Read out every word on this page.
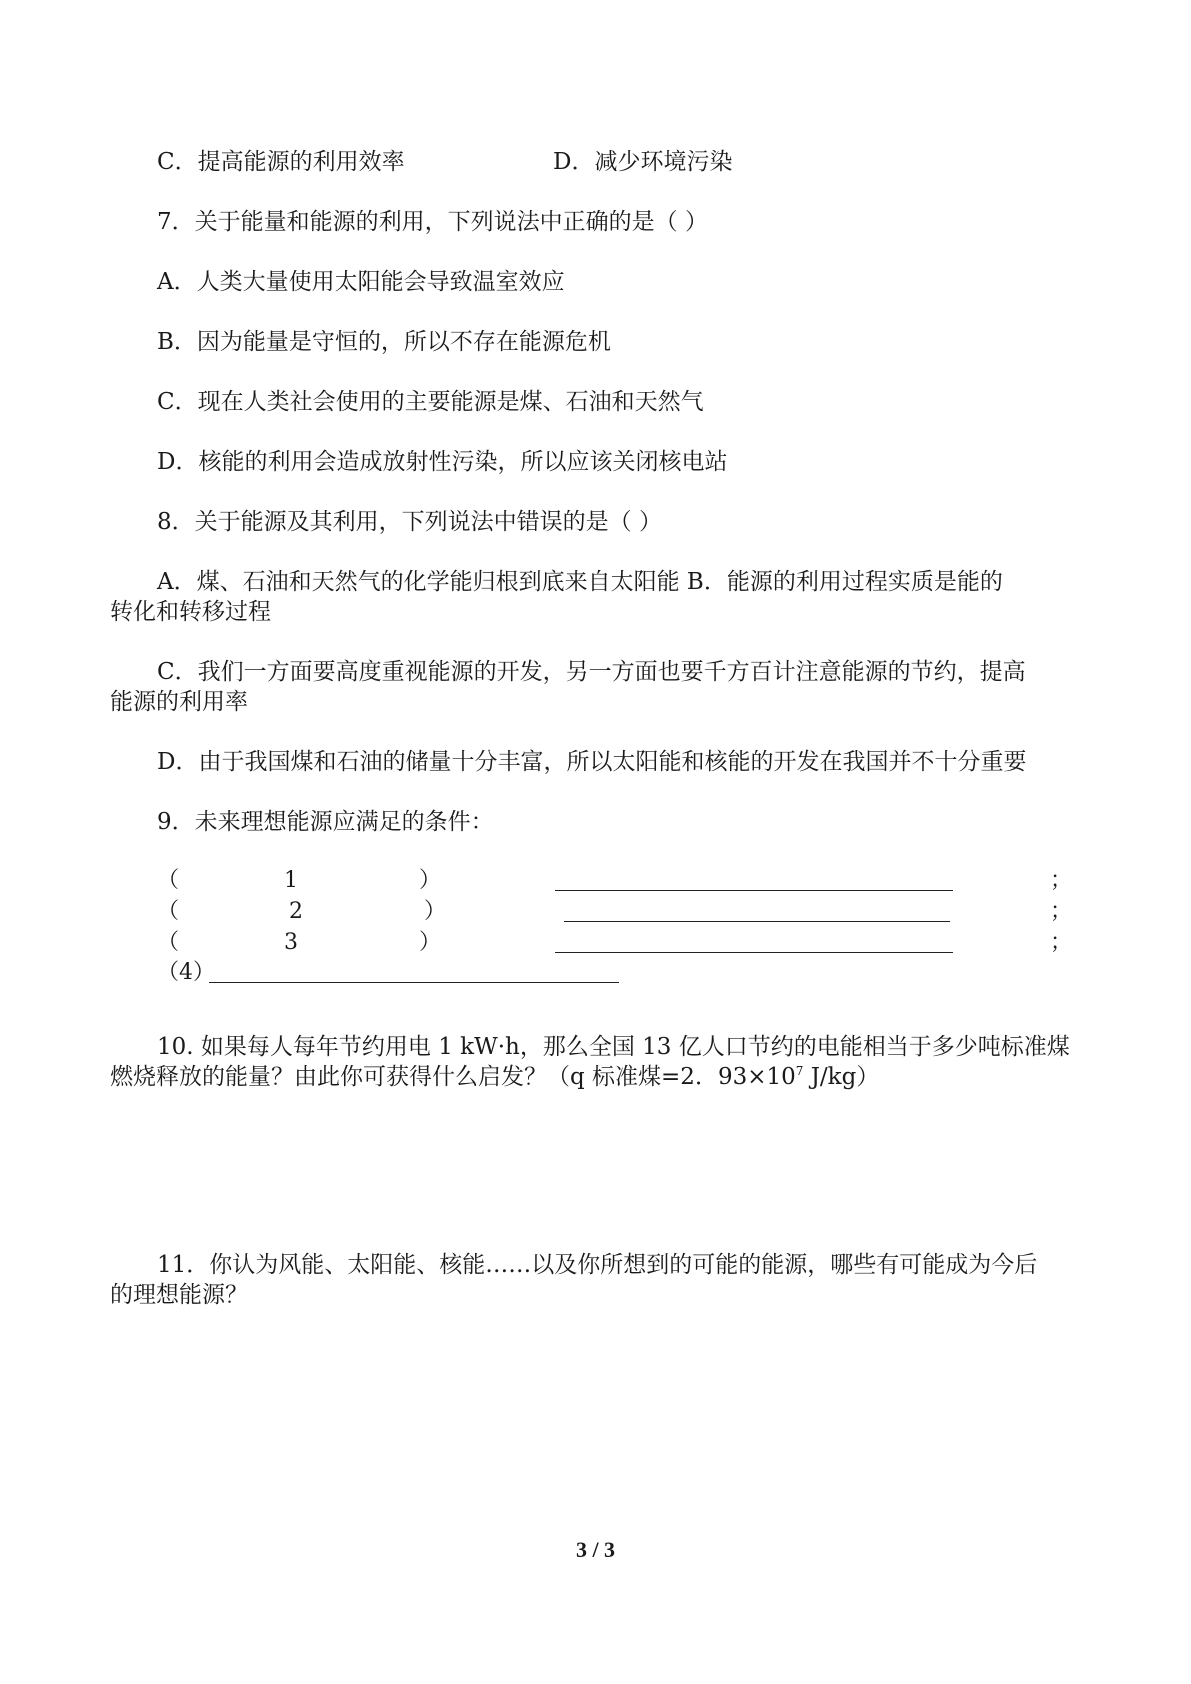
C．提高能源的利用效率	D．减少环境污染
7．关于能量和能源的利用，下列说法中正确的是（ ）
A．人类大量使用太阳能会导致温室效应
B．因为能量是守恒的，所以不存在能源危机
C．现在人类社会使用的主要能源是煤、石油和天然气
D．核能的利用会造成放射性污染，所以应该关闭核电站
8．关于能源及其利用，下列说法中错误的是（ ）
A．煤、石油和天然气的化学能归根到底来自太阳能 B．能源的利用过程实质是能的
转化和转移过程
C．我们一方面要高度重视能源的开发，另一方面也要千方百计注意能源的节约，提高
能源的利用率
D．由于我国煤和石油的储量十分丰富，所以太阳能和核能的开发在我国并不十分重要
9．未来理想能源应满足的条件：
（	1	）	；
（	2	）	；
（	3	）	；
（4）
10. 如果每人每年节约用电 1 kW·h，那么全国 13 亿人口节约的电能相当于多少吨标准煤
燃烧释放的能量？由此你可获得什么启发？（q 标准煤=2．$93\times 10^7$ J/kg）
11．你认为风能、太阳能、核能……以及你所想到的可能的能源，哪些有可能成为今后
的理想能源？
3 / 3
